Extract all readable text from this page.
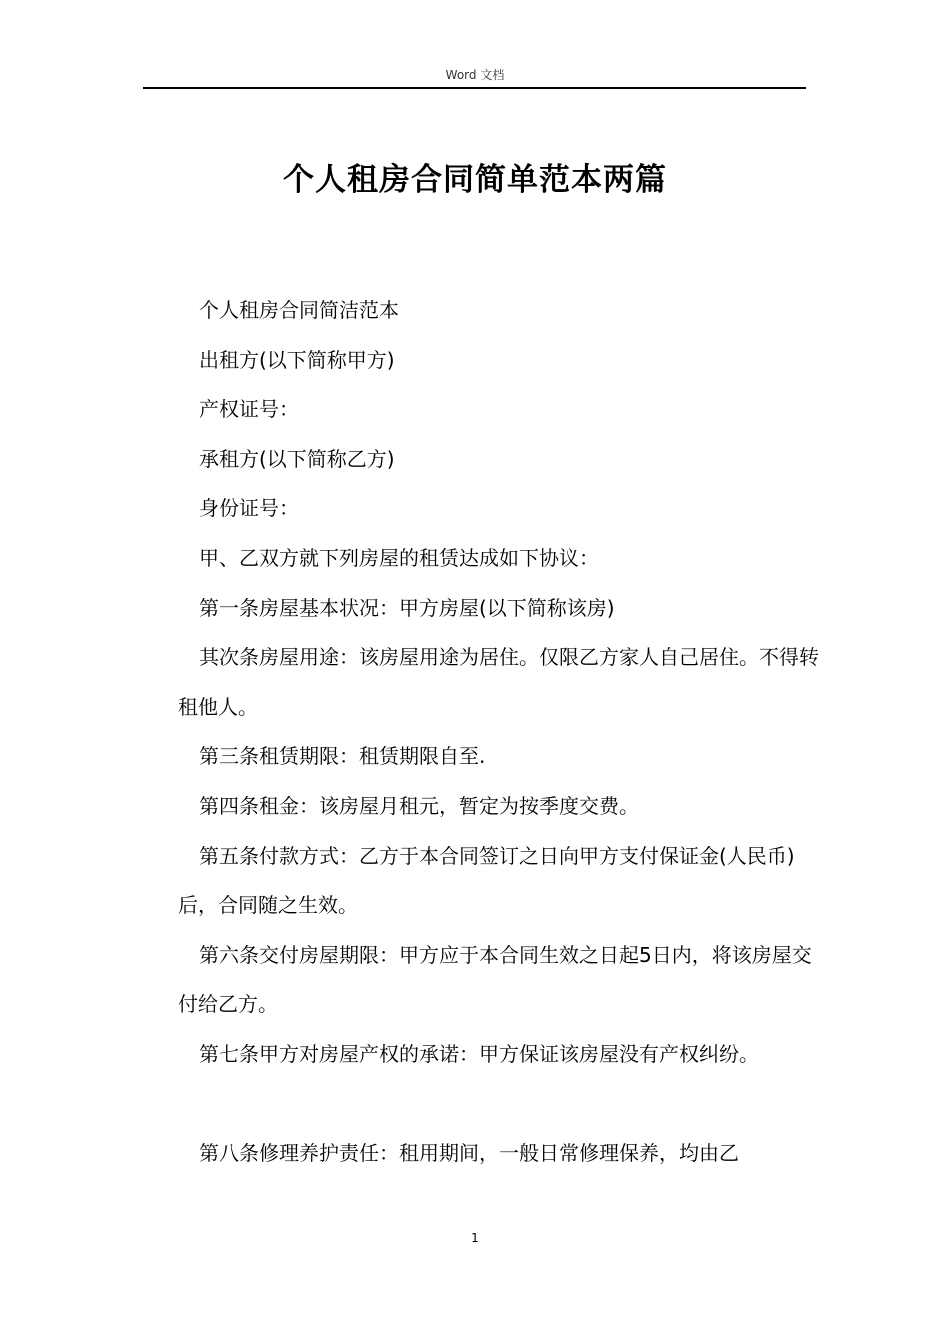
Word 文档
个人租房合同简单范本两篇

个人租房合同简洁范本

出租方(以下简称甲方)

产权证号：

承租方(以下简称乙方)

身份证号：

甲、乙双方就下列房屋的租赁达成如下协议：

第一条房屋基本状况：甲方房屋(以下简称该房)

其次条房屋用途：该房屋用途为居住。仅限乙方家人自己居住。不得转租他人。

第三条租赁期限：租赁期限自至.

第四条租金：该房屋月租元，暂定为按季度交费。

第五条付款方式：乙方于本合同签订之日向甲方支付保证金(人民币)后，合同随之生效。

第六条交付房屋期限：甲方应于本合同生效之日起5日内，将该房屋交付给乙方。

第七条甲方对房屋产权的承诺：甲方保证该房屋没有产权纠纷。

第八条修理养护责任：租用期间，一般日常修理保养，均由乙

1
